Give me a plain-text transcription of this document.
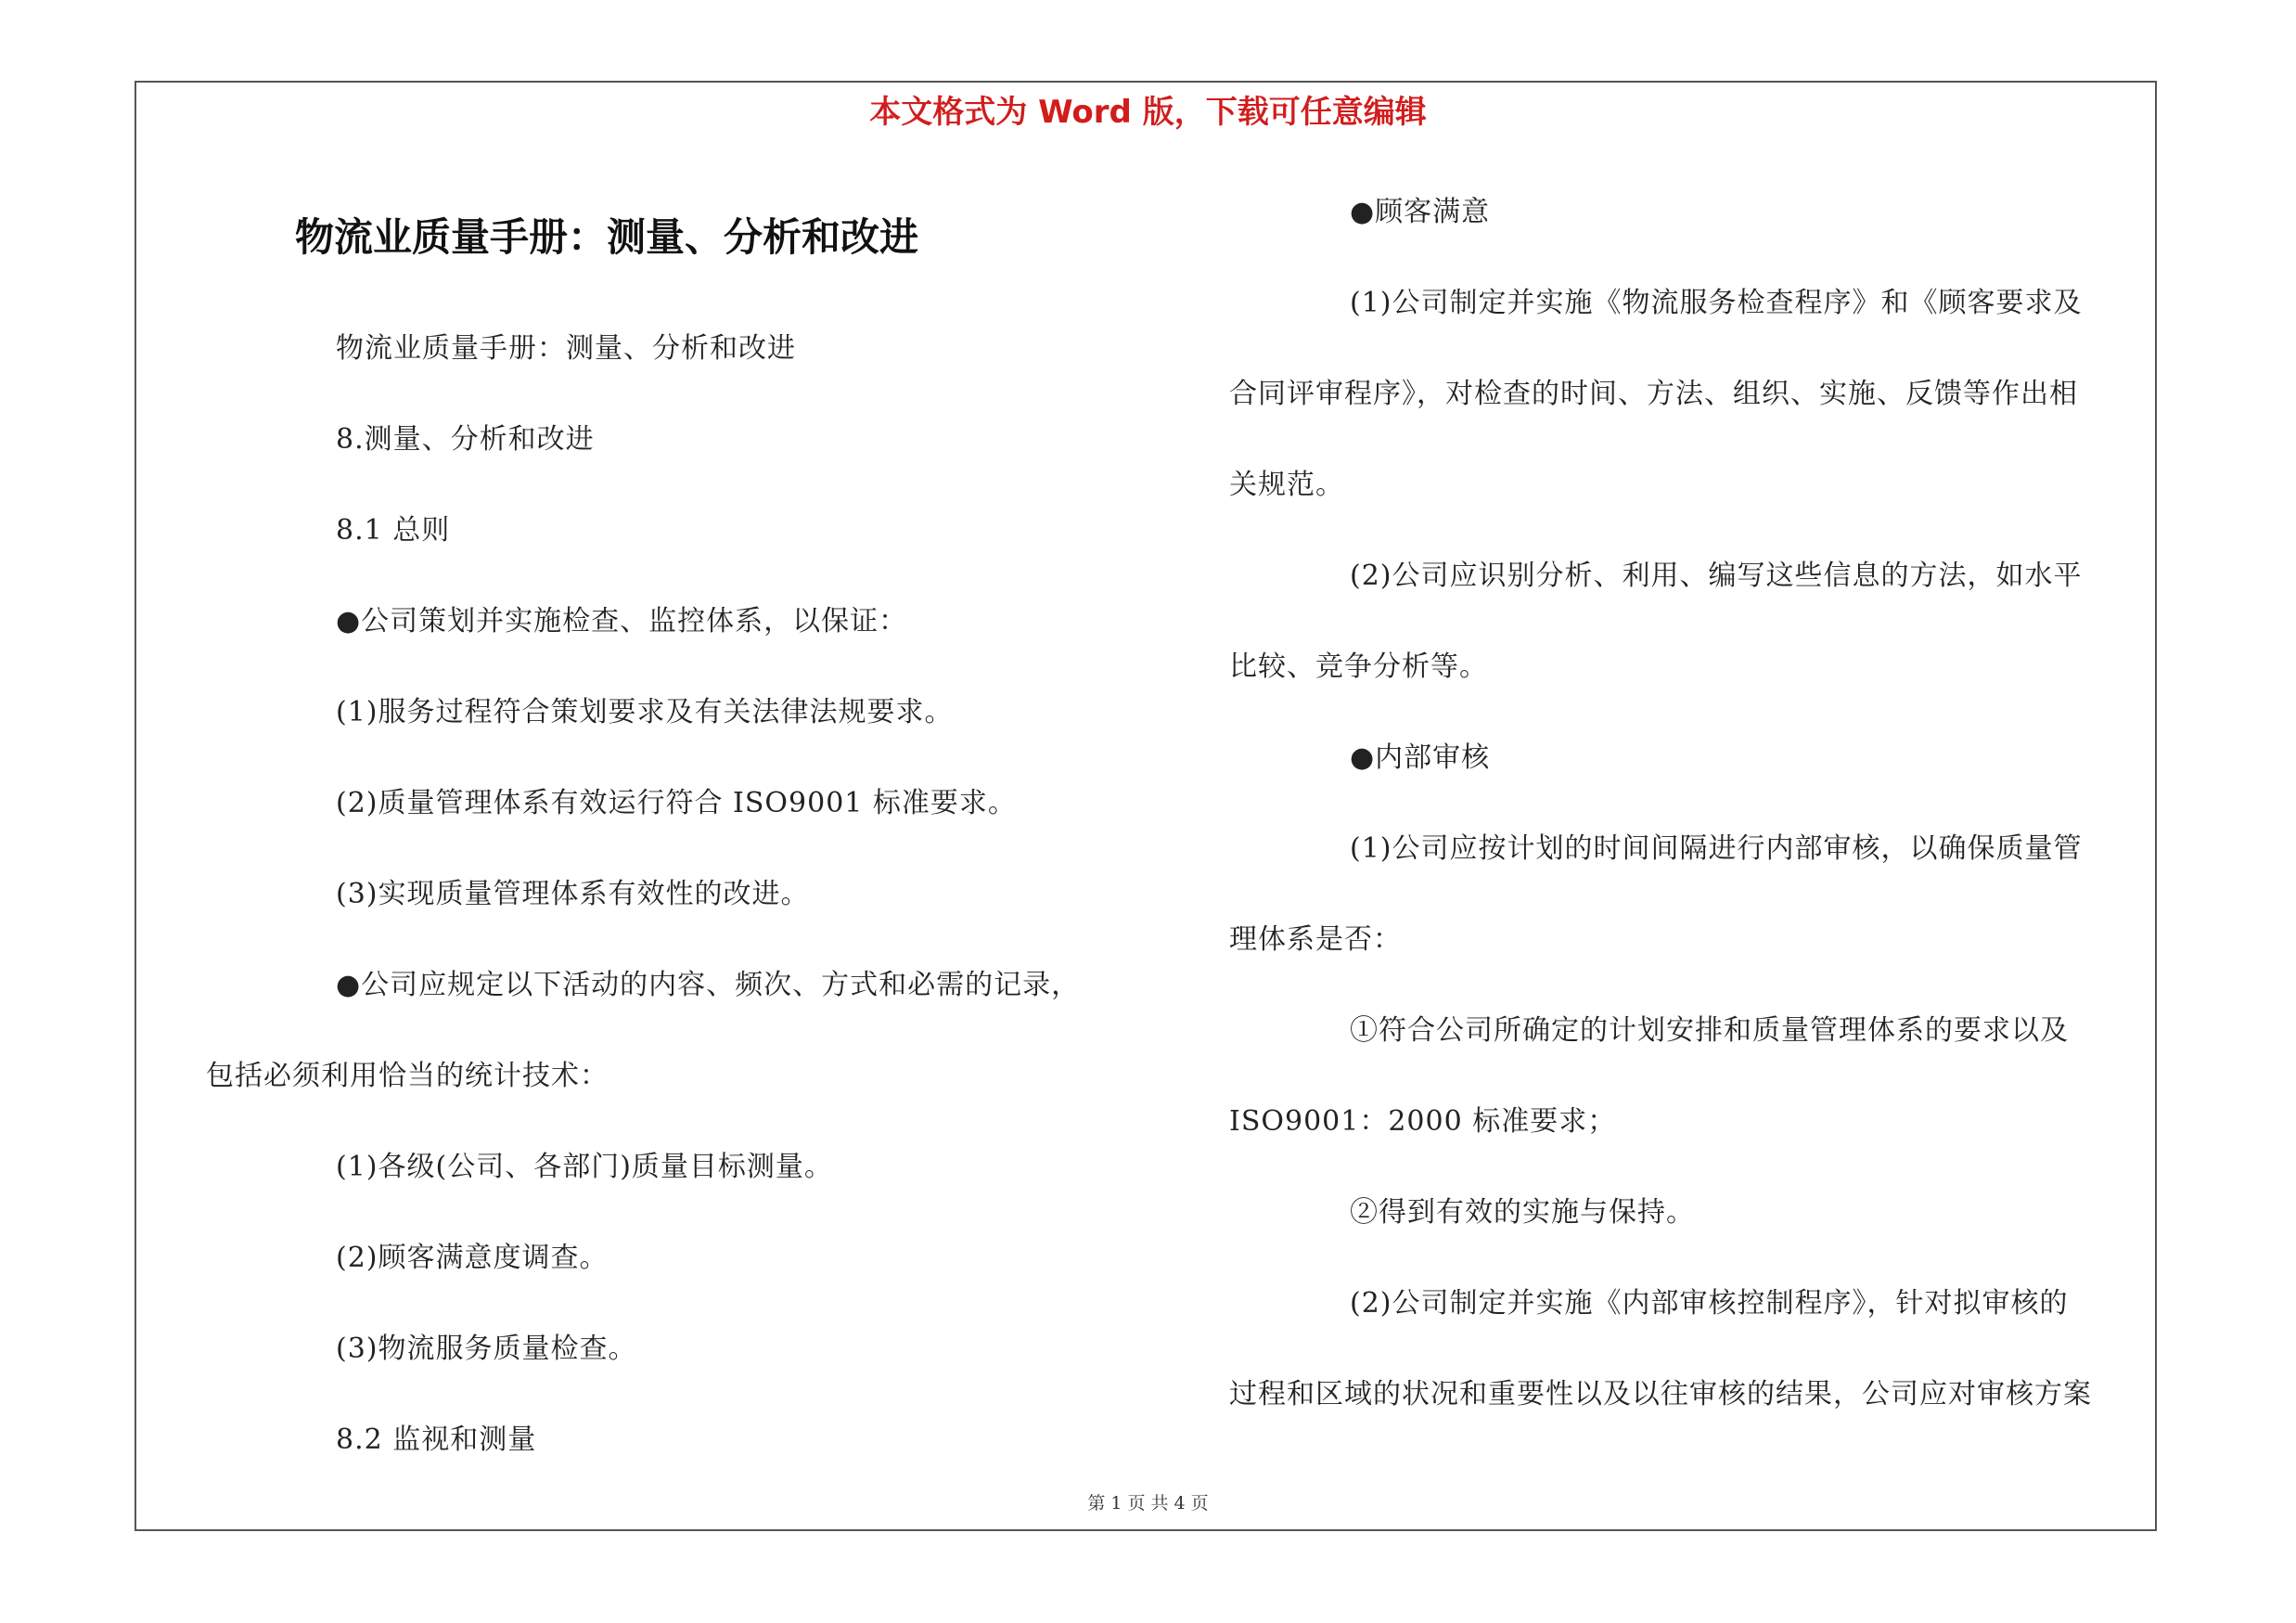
本文格式为 Word 版，下载可任意编辑
物流业质量手册：测量、分析和改进

物流业质量手册：测量、分析和改进

8.测量、分析和改进

8.1 总则

●公司策划并实施检查、监控体系，以保证：

(1)服务过程符合策划要求及有关法律法规要求。

(2)质量管理体系有效运行符合 ISO9001 标准要求。

(3)实现质量管理体系有效性的改进。

●公司应规定以下活动的内容、频次、方式和必需的记录，

包括必须利用恰当的统计技术：

(1)各级(公司、各部门)质量目标测量。

(2)顾客满意度调查。

(3)物流服务质量检查。

8.2 监视和测量

●顾客满意

(1)公司制定并实施《物流服务检查程序》和《顾客要求及

合同评审程序》，对检查的时间、方法、组织、实施、反馈等作出相

关规范。

(2)公司应识别分析、利用、编写这些信息的方法，如水平

比较、竞争分析等。

●内部审核

(1)公司应按计划的时间间隔进行内部审核，以确保质量管

理体系是否：

①符合公司所确定的计划安排和质量管理体系的要求以及

ISO9001：2000 标准要求；

②得到有效的实施与保持。

(2)公司制定并实施《内部审核控制程序》，针对拟审核的

过程和区域的状况和重要性以及以往审核的结果，公司应对审核方案

第 1 页 共 4 页
